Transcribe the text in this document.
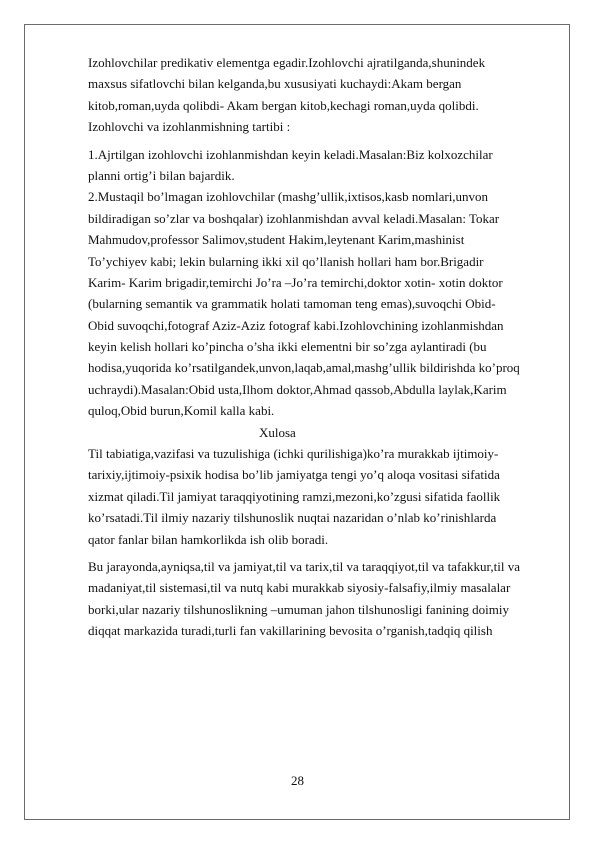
Izohlovchilar predikativ elementga egadir.Izohlovchi ajratilganda,shunindek
maxsus sifatlovchi bilan kelganda,bu xususiyati kuchaydi:Akam bergan
kitob,roman,uyda qolibdi- Akam bergan kitob,kechagi roman,uyda qolibdi.
Izohlovchi va izohlanmishning tartibi :
1.Ajrtilgan izohlovchi izohlanmishdan keyin keladi.Masalan:Biz kolxozchilar
planni ortig’i bilan bajardik.
2.Mustaqil bo’lmagan izohlovchilar (mashg’ullik,ixtisos,kasb nomlari,unvon
bildiradigan so’zlar va boshqalar) izohlanmishdan avval keladi.Masalan: Tokar
Mahmudov,professor Salimov,student Hakim,leytenant Karim,mashinist
To’ychiyev kabi; lekin bularning ikki xil qo’llanish hollari ham bor.Brigadir
Karim- Karim brigadir,temirchi Jo’ra –Jo’ra temirchi,doktor xotin- xotin doktor
(bularning semantik va grammatik holati tamoman teng emas),suvoqchi Obid-
Obid suvoqchi,fotograf Aziz-Aziz fotograf kabi.Izohlovchining izohlanmishdan
keyin kelish hollari ko’pincha o’sha ikki elementni bir so’zga aylantiradi (bu
hodisa,yuqorida ko’rsatilgandek,unvon,laqab,amal,mashg’ullik bildirishda ko’proq
uchraydi).Masalan:Obid usta,Ilhom doktor,Ahmad qassob,Abdulla laylak,Karim
quloq,Obid burun,Komil kalla kabi.
Xulosa
Til tabiatiga,vazifasi va tuzulishiga (ichki qurilishiga)ko’ra murakkab ijtimoiy-
tarixiy,ijtimoiy-psixik hodisa bo’lib jamiyatga tengi yo’q aloqa vositasi sifatida
xizmat qiladi.Til jamiyat taraqqiyotining ramzi,mezoni,ko’zgusi sifatida faollik
ko’rsatadi.Til ilmiy nazariy tilshunoslik nuqtai nazaridan o’nlab ko’rinishlarda
qator fanlar bilan hamkorlikda ish olib boradi.
Bu jarayonda,ayniqsa,til va jamiyat,til va tarix,til va taraqqiyot,til va tafakkur,til va
madaniyat,til sistemasi,til va nutq kabi murakkab siyosiy-falsafiy,ilmiy masalalar
borki,ular nazariy tilshunoslikning –umuman jahon tilshunosligi fanining doimiy
diqqat markazida turadi,turli fan vakillarining bevosita o’rganish,tadqiq qilish
28
